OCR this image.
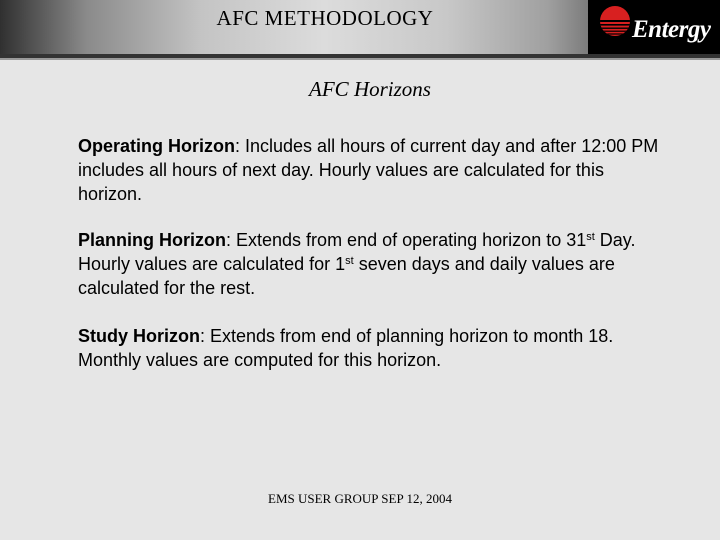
AFC METHODOLOGY	Entergy
AFC Horizons
Operating Horizon: Includes all hours of current day and after 12:00 PM includes all hours of next day. Hourly values are calculated for this horizon.
Planning Horizon: Extends from end of operating horizon to 31st Day. Hourly values are calculated for 1st seven days and daily values are calculated for the rest.
Study Horizon: Extends from end of planning horizon to month 18. Monthly values are computed for this horizon.
EMS USER GROUP SEP 12, 2004
